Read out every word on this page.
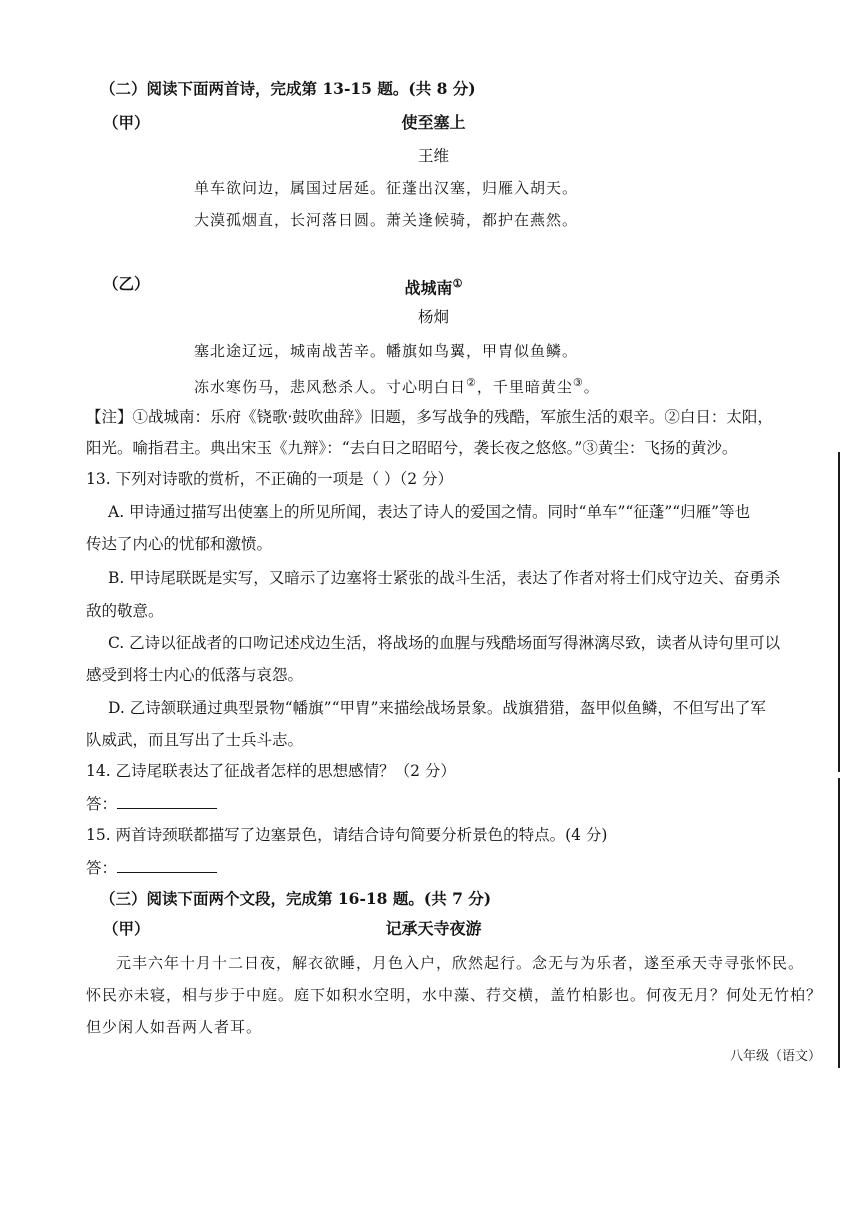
（二）阅读下面两首诗，完成第 13-15 题。(共 8 分)
（甲）	使至塞上
王维
单车欲问边，属国过居延。征蓬出汉塞，归雁入胡天。
大漠孤烟直，长河落日圆。萧关逢候骑，都护在燕然。
（乙）	战城南①
杨炯
塞北途辽远，城南战苦辛。幡旗如鸟翼，甲胄似鱼鳞。
冻水寒伤马，悲风愁杀人。寸心明白日②，千里暗黄尘③。
【注】①战城南：乐府《铙歌·鼓吹曲辞》旧题，多写战争的残酷，军旅生活的艰辛。②白日：太阳，
阳光。喻指君主。典出宋玉《九辩》：“去白日之昭昭兮，袭长夜之悠悠。”③黄尘：飞扬的黄沙。
13. 下列对诗歌的赏析，不正确的一项是（ ）（2 分）
A. 甲诗通过描写出使塞上的所见所闻，表达了诗人的爱国之情。同时“单车”“征蓬”“归雁”等也
传达了内心的忧郁和激愤。
B. 甲诗尾联既是实写，又暗示了边塞将士紧张的战斗生活，表达了作者对将士们戍守边关、奋勇杀
敌的敬意。
C. 乙诗以征战者的口吻记述戍边生活，将战场的血腥与残酷场面写得淋漓尽致，读者从诗句里可以
感受到将士内心的低落与哀怨。
D. 乙诗颔联通过典型景物“幡旗”“甲胄”来描绘战场景象。战旗猎猎，盔甲似鱼鳞，不但写出了军
队威武，而且写出了士兵斗志。
14. 乙诗尾联表达了征战者怎样的思想感情？（2 分）
答：
15. 两首诗颈联都描写了边塞景色，请结合诗句简要分析景色的特点。(4 分)
答：
（三）阅读下面两个文段，完成第 16-18 题。(共 7 分)
（甲）	记承天寺夜游
元丰六年十月十二日夜，解衣欲睡，月色入户，欣然起行。念无与为乐者，遂至承天寺寻张怀民。
怀民亦未寝，相与步于中庭。庭下如积水空明，水中藻、荇交横，盖竹柏影也。何夜无月？何处无竹柏？
但少闲人如吾两人者耳。
八年级（语文）
